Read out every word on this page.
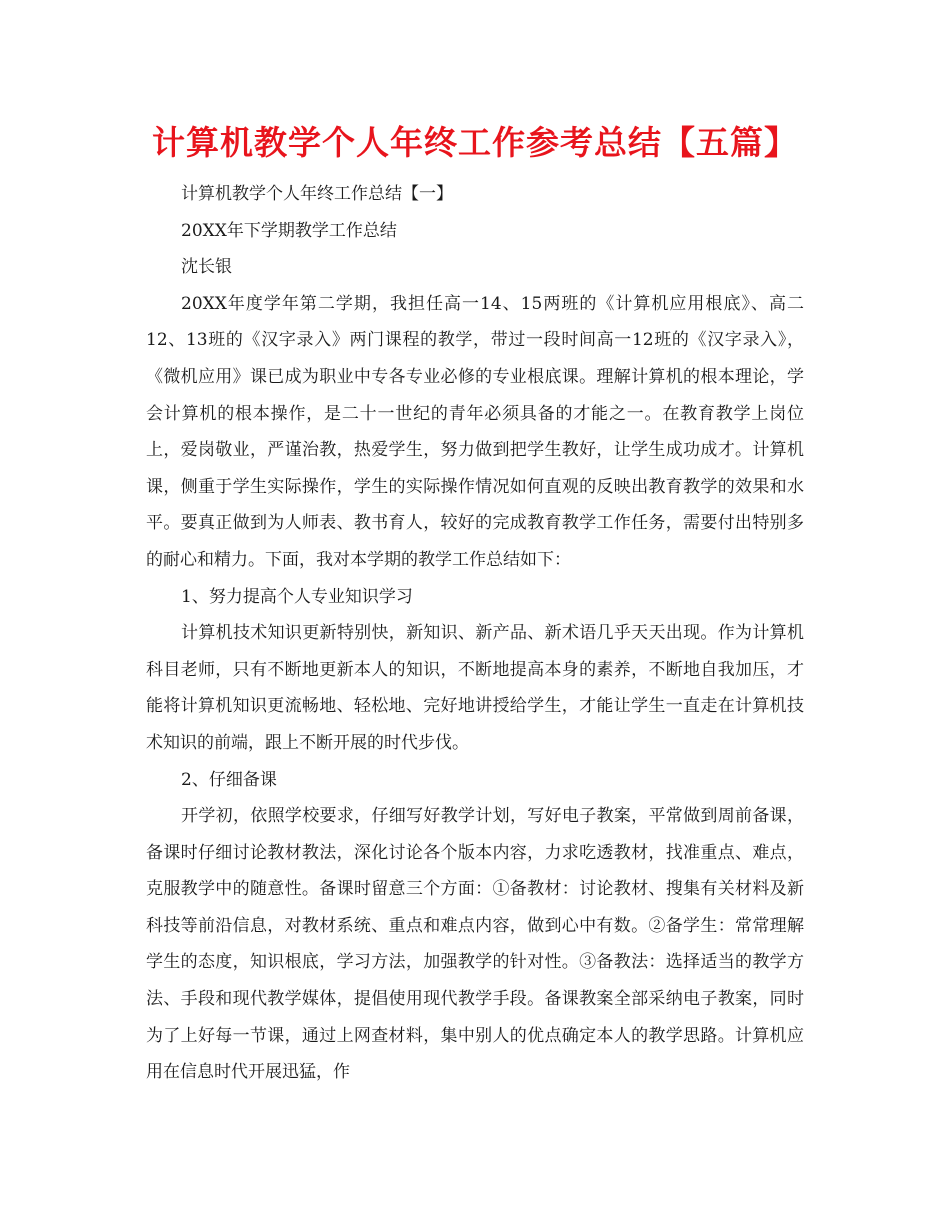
计算机教学个人年终工作参考总结【五篇】

计算机教学个人年终工作总结【一】

20XX年下学期教学工作总结

沈长银

20XX年度学年第二学期，我担任高一14、15两班的《计算机应用根底》、高二12、13班的《汉字录入》两门课程的教学，带过一段时间高一12班的《汉字录入》，《微机应用》课已成为职业中专各专业必修的专业根底课。理解计算机的根本理论，学会计算机的根本操作，是二十一世纪的青年必须具备的才能之一。在教育教学上岗位上，爱岗敬业，严谨治教，热爱学生，努力做到把学生教好，让学生成功成才。计算机课，侧重于学生实际操作，学生的实际操作情况如何直观的反映出教育教学的效果和水平。要真正做到为人师表、教书育人，较好的完成教育教学工作任务，需要付出特别多的耐心和精力。下面，我对本学期的教学工作总结如下：

1、努力提高个人专业知识学习

计算机技术知识更新特别快，新知识、新产品、新术语几乎天天出现。作为计算机科目老师，只有不断地更新本人的知识，不断地提高本身的素养，不断地自我加压，才能将计算机知识更流畅地、轻松地、完好地讲授给学生，才能让学生一直走在计算机技术知识的前端，跟上不断开展的时代步伐。

2、仔细备课

开学初，依照学校要求，仔细写好教学计划，写好电子教案，平常做到周前备课，备课时仔细讨论教材教法，深化讨论各个版本内容，力求吃透教材，找准重点、难点，克服教学中的随意性。备课时留意三个方面：①备教材：讨论教材、搜集有关材料及新科技等前沿信息，对教材系统、重点和难点内容，做到心中有数。②备学生：常常理解学生的态度，知识根底，学习方法，加强教学的针对性。③备教法：选择适当的教学方法、手段和现代教学媒体，提倡使用现代教学手段。备课教案全部采纳电子教案，同时为了上好每一节课，通过上网查材料，集中别人的优点确定本人的教学思路。计算机应用在信息时代开展迅猛，作
